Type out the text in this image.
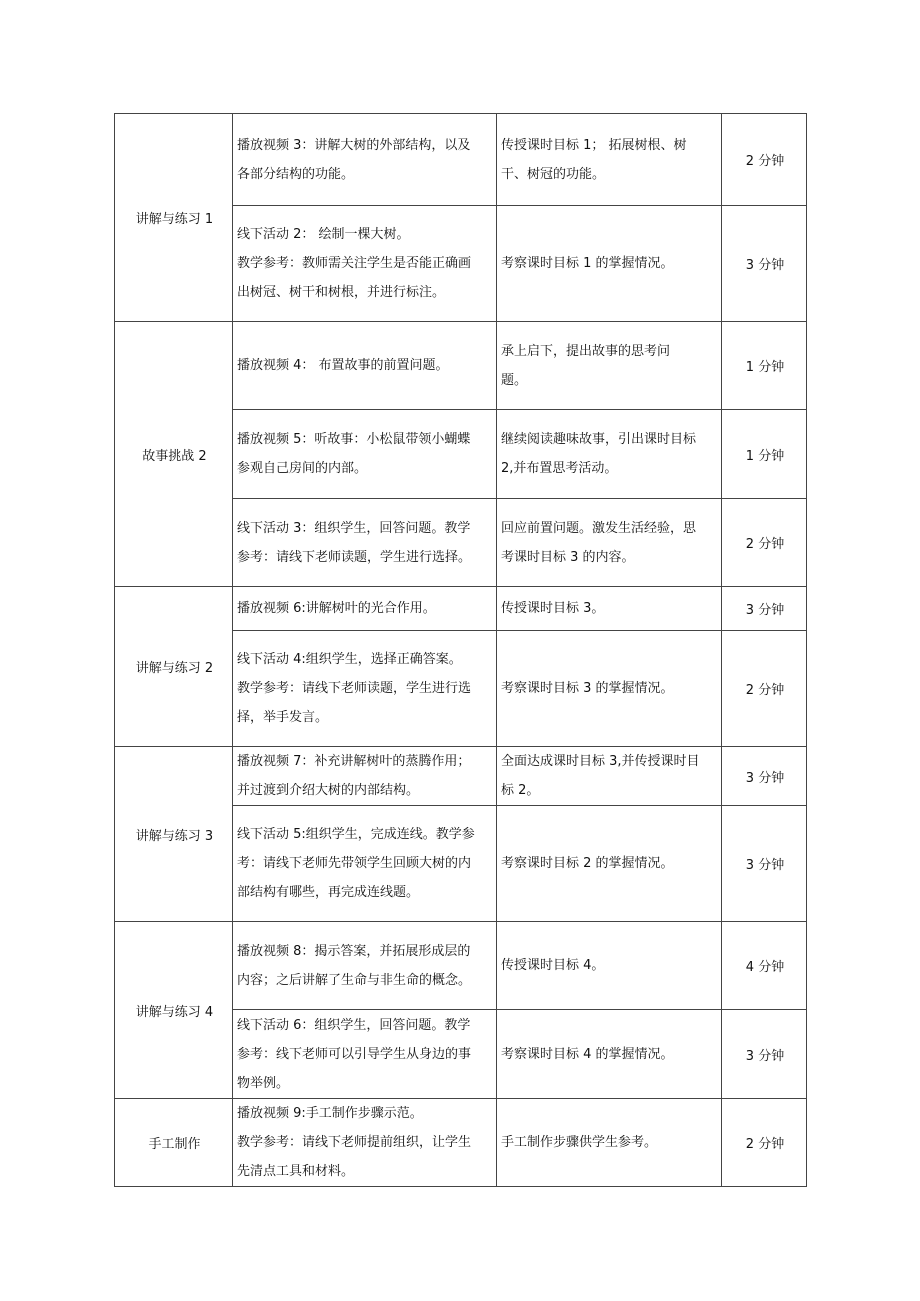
讲解与练习 1	播放视频 3：讲解大树的外部结构，以及
各部分结构的功能。	传授课时目标 1； 拓展树根、树
干、树冠的功能。	2 分钟

	线下活动 2： 绘制一棵大树。
教学参考：教师需关注学生是否能正确画
出树冠、树干和树根，并进行标注。	考察课时目标 1 的掌握情况。	3 分钟
故事挑战 2	播放视频 4： 布置故事的前置问题。	承上启下，提出故事的思考问
题。	1 分钟

	播放视频 5：听故事：小松鼠带领小蝴蝶
参观自己房间的内部。	继续阅读趣味故事，引出课时目标
2,并布置思考活动。	1 分钟

	线下活动 3：组织学生，回答问题。教学
参考：请线下老师读题，学生进行选择。	回应前置问题。激发生活经验，思
考课时目标 3 的内容。	2 分钟
讲解与练习 2	播放视频 6:讲解树叶的光合作用。	传授课时目标 3。	3 分钟

	线下活动 4:组织学生，选择正确答案。
教学参考：请线下老师读题，学生进行选
择，举手发言。	考察课时目标 3 的掌握情况。	2 分钟
讲解与练习 3	播放视频 7：补充讲解树叶的蒸腾作用；
并过渡到介绍大树的内部结构。	全面达成课时目标 3,并传授课时目
标 2。	3 分钟

	线下活动 5:组织学生，完成连线。教学参
考：请线下老师先带领学生回顾大树的内
部结构有哪些，再完成连线题。	考察课时目标 2 的掌握情况。	3 分钟
讲解与练习 4	播放视频 8：揭示答案，并拓展形成层的
内容；之后讲解了生命与非生命的概念。	传授课时目标 4。	4 分钟

	线下活动 6：组织学生，回答问题。教学
参考：线下老师可以引导学生从身边的事
物举例。	考察课时目标 4 的掌握情况。	3 分钟
手工制作	播放视频 9:手工制作步骤示范。
教学参考：请线下老师提前组织，让学生
先清点工具和材料。	手工制作步骤供学生参考。	2 分钟
